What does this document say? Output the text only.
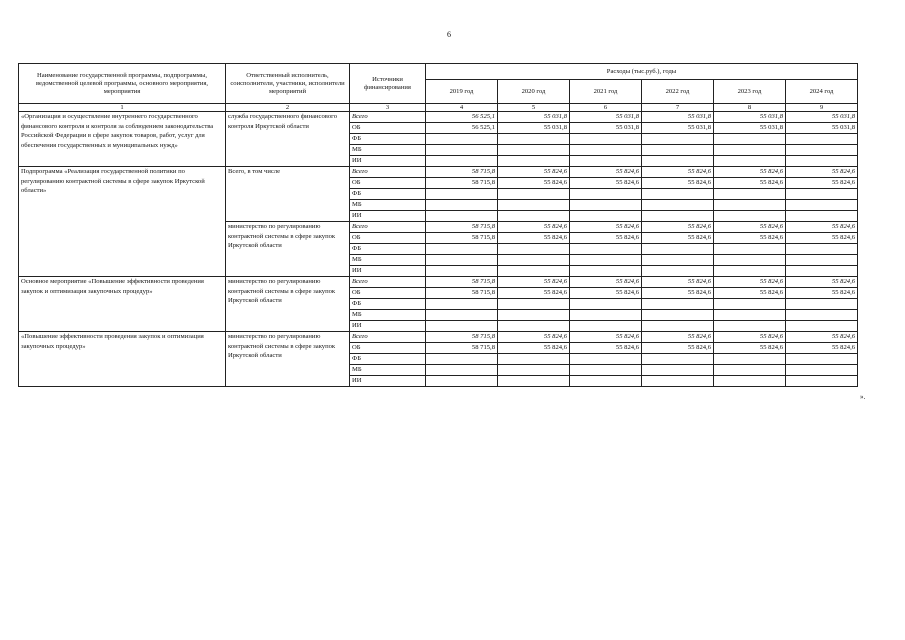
6
Наименование государственной программы, подпрограммы, ведомственной целевой программы, основного мероприятия, мероприятия	Ответственный исполнитель, соисполнители, участники, исполнители мероприятий	Источники финансирования	Расходы (тыс.руб.), годы					
			2019 год	2020 год	2021 год	2022 год	2023 год	2024 год
1	2	3	4	5	6	7	8	9
«Организация и осуществление внутреннего государственного финансового контроля и контроля за соблюдением законодательства Российской Федерации в сфере закупок товаров, работ, услуг для обеспечения государственных и муниципальных нужд»	служба государственного финансового контроля Иркутской области	Всего	56 525,1	55 031,8	55 031,8	55 031,8	55 031,8	55 031,8
		ОБ	56 525,1	55 031,8	55 031,8	55 031,8	55 031,8	55 031,8
		ФБ						
		МБ						
		ИИ						
Подпрограмма «Реализация государственной политики по регулированию контрактной системы в сфере закупок Иркутской области»	Всего, в том числе	Всего	58 715,8	55 824,6	55 824,6	55 824,6	55 824,6	55 824,6
		ОБ	58 715,8	55 824,6	55 824,6	55 824,6	55 824,6	55 824,6
		ФБ						
		МБ						
		ИИ						
	министерство по регулированию контрактной системы в сфере закупок Иркутской области	Всего	58 715,8	55 824,6	55 824,6	55 824,6	55 824,6	55 824,6
		ОБ	58 715,8	55 824,6	55 824,6	55 824,6	55 824,6	55 824,6
		ФБ						
		МБ						
		ИИ						
Основное мероприятие «Повышение эффективности проведения закупок и оптимизация закупочных процедур»	министерство по регулированию контрактной системы в сфере закупок Иркутской области	Всего	58 715,8	55 824,6	55 824,6	55 824,6	55 824,6	55 824,6
		ОБ	58 715,8	55 824,6	55 824,6	55 824,6	55 824,6	55 824,6
		ФБ						
		МБ						
		ИИ						
«Повышение эффективности проведения закупок и оптимизация закупочных процедур»	министерство по регулированию контрактной системы в сфере закупок Иркутской области	Всего	58 715,8	55 824,6	55 824,6	55 824,6	55 824,6	55 824,6
		ОБ	58 715,8	55 824,6	55 824,6	55 824,6	55 824,6	55 824,6
		ФБ						
		МБ						
		ИИ						
».
